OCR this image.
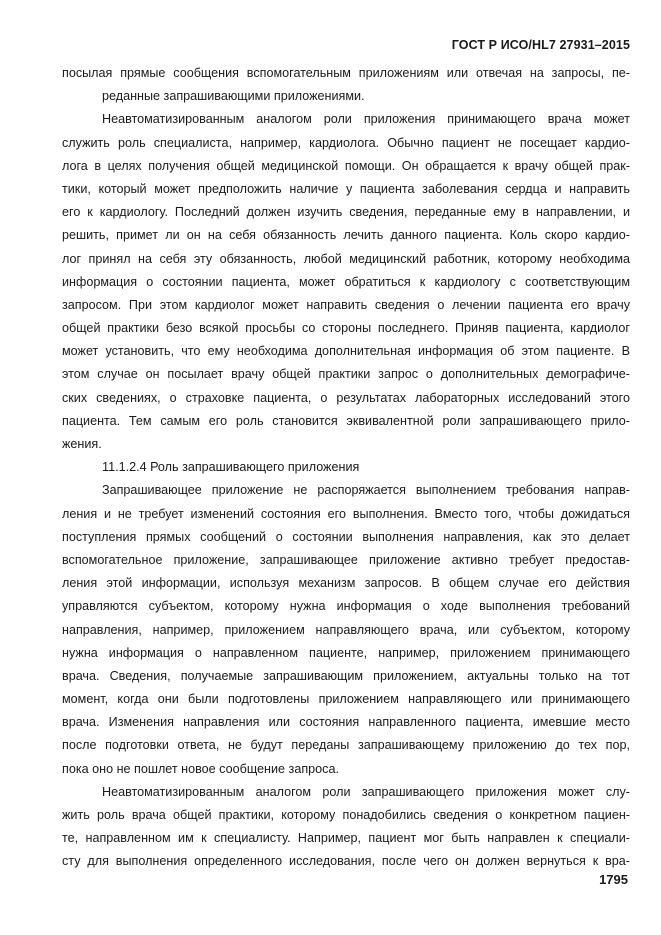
ГОСТ Р ИСО/HL7 27931–2015
посылая прямые сообщения вспомогательным приложениям или отвечая на запросы, пе-
реданные запрашивающими приложениями.
Неавтоматизированным аналогом роли приложения принимающего врача может
служить роль специалиста, например, кардиолога. Обычно пациент не посещает кардио-
лога в целях получения общей медицинской помощи. Он обращается к врачу общей прак-
тики, который может предположить наличие у пациента заболевания сердца и направить
его к кардиологу. Последний должен изучить сведения, переданные ему в направлении, и
решить, примет ли он на себя обязанность лечить данного пациента. Коль скоро кардио-
лог принял на себя эту обязанность, любой медицинский работник, которому необходима
информация о состоянии пациента, может обратиться к кардиологу с соответствующим
запросом. При этом кардиолог может направить сведения о лечении пациента его врачу
общей практики безо всякой просьбы со стороны последнего. Приняв пациента, кардиолог
может установить, что ему необходима дополнительная информация об этом пациенте. В
этом случае он посылает врачу общей практики запрос о дополнительных демографиче-
ских сведениях, о страховке пациента, о результатах лабораторных исследований этого
пациента. Тем самым его роль становится эквивалентной роли запрашивающего прило-
жения.
11.1.2.4 Роль запрашивающего приложения
Запрашивающее приложение не распоряжается выполнением требования направ-
ления и не требует изменений состояния его выполнения. Вместо того, чтобы дожидаться
поступления прямых сообщений о состоянии выполнения направления, как это делает
вспомогательное приложение, запрашивающее приложение активно требует предостав-
ления этой информации, используя механизм запросов. В общем случае его действия
управляются субъектом, которому нужна информация о ходе выполнения требований
направления, например, приложением направляющего врача, или субъектом, которому
нужна информация о направленном пациенте, например, приложением принимающего
врача. Сведения, получаемые запрашивающим приложением, актуальны только на тот
момент, когда они были подготовлены приложением направляющего или принимающего
врача. Изменения направления или состояния направленного пациента, имевшие место
после подготовки ответа, не будут переданы запрашивающему приложению до тех пор,
пока оно не пошлет новое сообщение запроса.
Неавтоматизированным аналогом роли запрашивающего приложения может слу-
жить роль врача общей практики, которому понадобились сведения о конкретном пациен-
те, направленном им к специалисту. Например, пациент мог быть направлен к специали-
сту для выполнения определенного исследования, после чего он должен вернуться к вра-
1795
